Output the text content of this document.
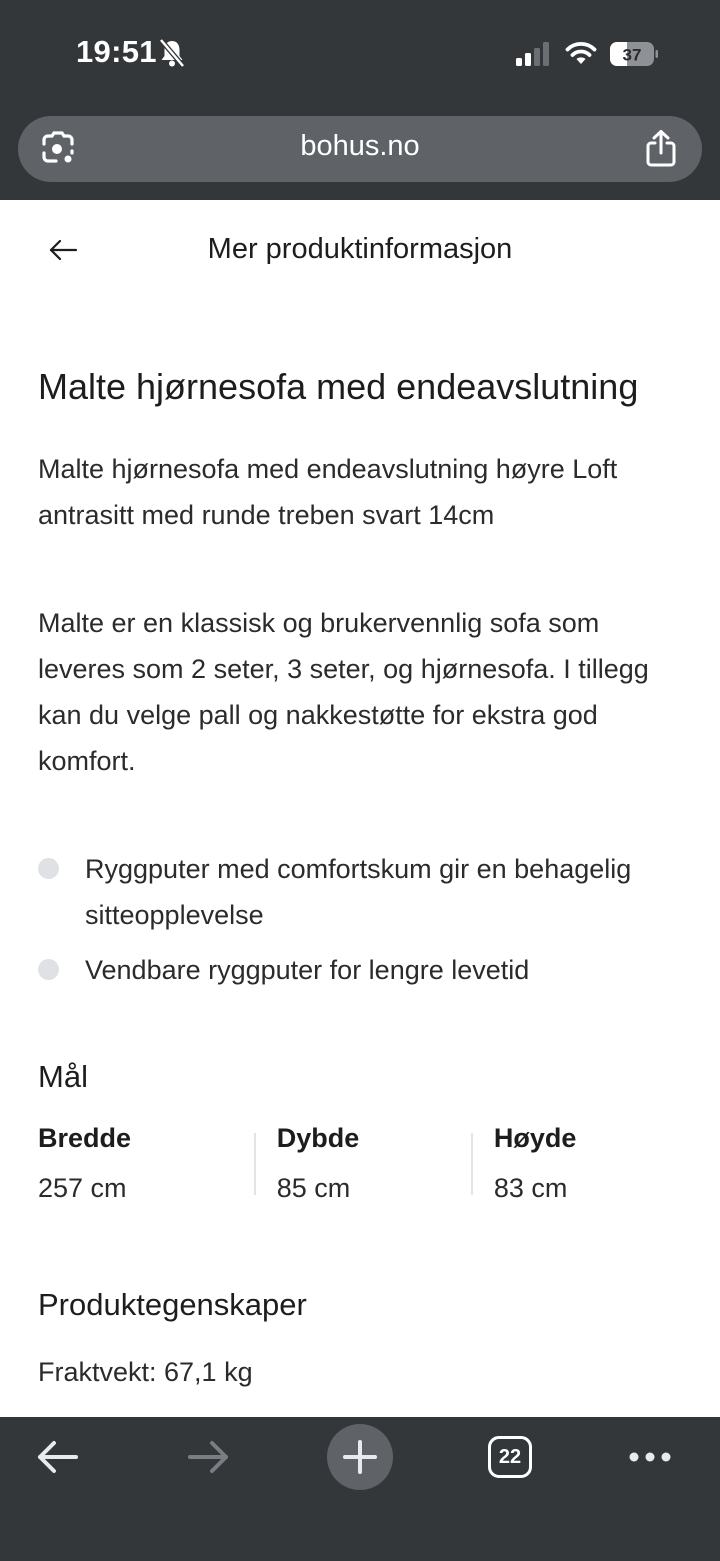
19:51	37
bohus.no
Mer produktinformasjon
Malte hjørnesofa med endeavslutning

Malte hjørnesofa med endeavslutning høyre Loft antrasitt med runde treben svart 14cm

Malte er en klassisk og brukervennlig sofa som leveres som 2 seter, 3 seter, og hjørnesofa. I tillegg kan du velge pall og nakkestøtte for ekstra god komfort.

Ryggputer med comfortskum gir en behagelig sitteopplevelse
Vendbare ryggputer for lengre levetid
Mål
Bredde
257 cm
Dybde
85 cm
Høyde
83 cm
Produktegenskaper
Fraktvekt: 67,1 kg
22
